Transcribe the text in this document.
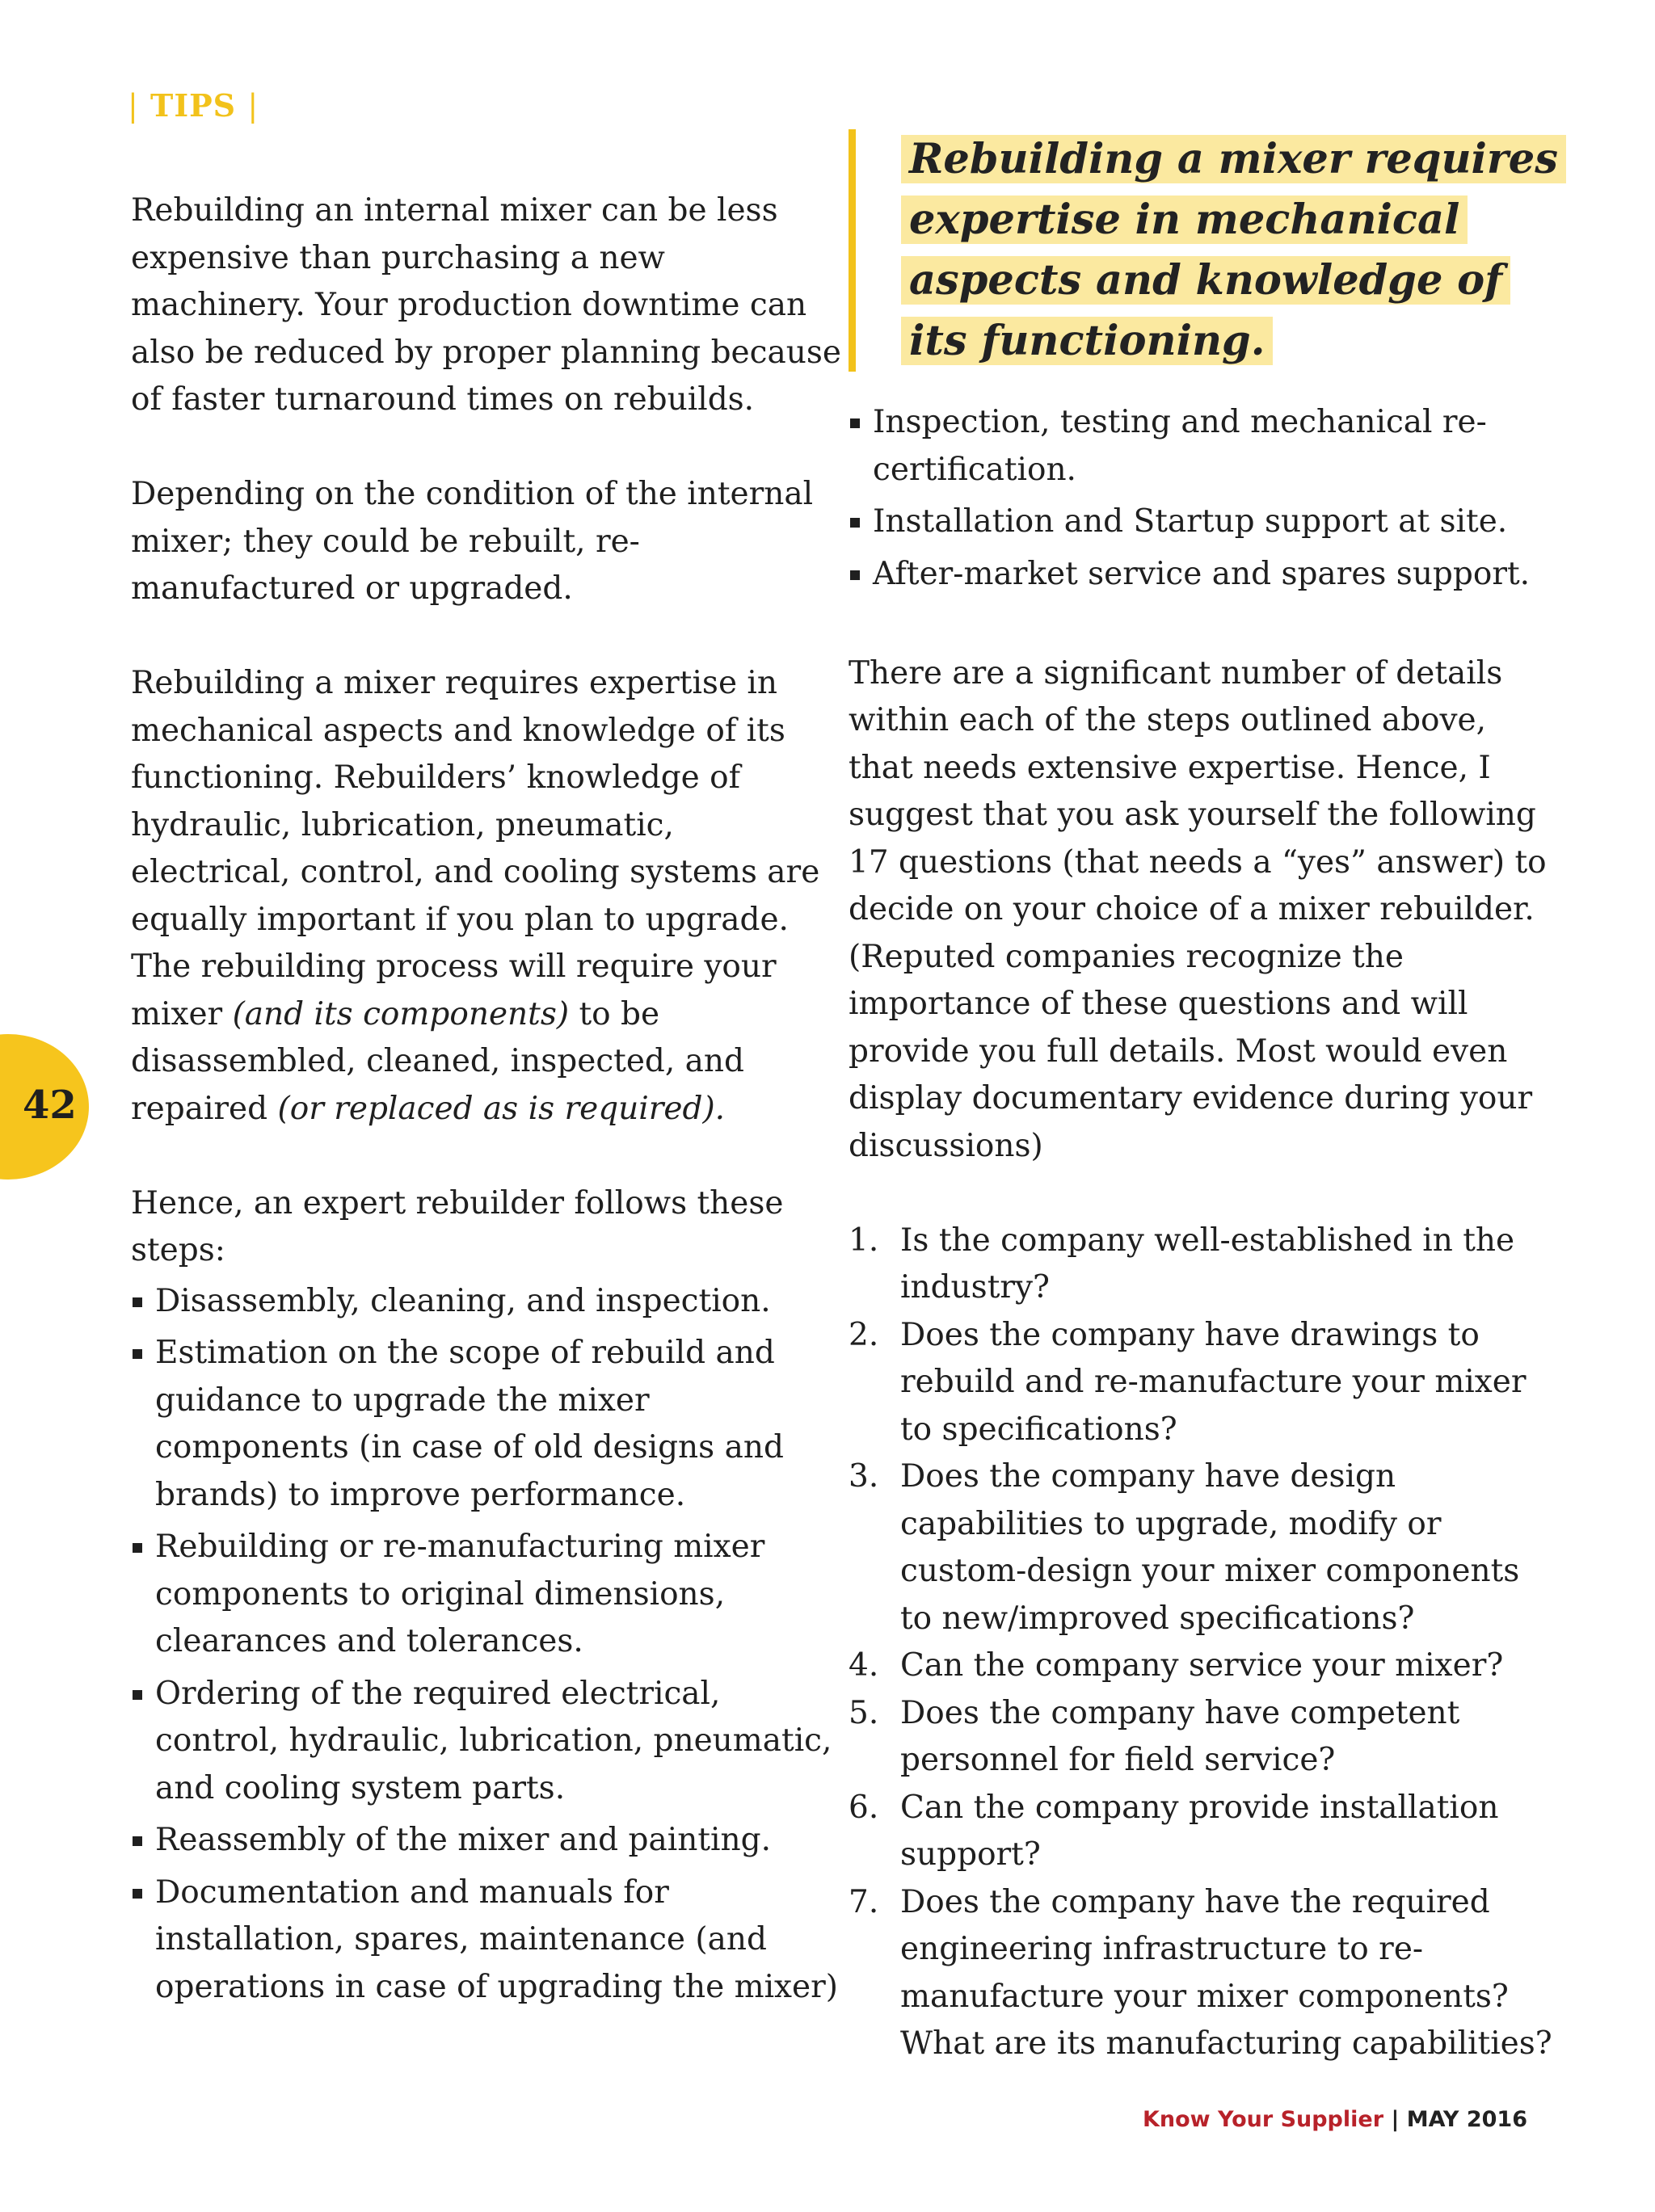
| TIPS |

Rebuilding an internal mixer can be less expensive than purchasing a new machinery. Your production downtime can also be reduced by proper planning because of faster turnaround times on rebuilds.

Depending on the condition of the internal mixer; they could be rebuilt, re-manufactured or upgraded.

Rebuilding a mixer requires expertise in mechanical aspects and knowledge of its functioning. Rebuilders’ knowledge of hydraulic, lubrication, pneumatic, electrical, control, and cooling systems are equally important if you plan to upgrade. The rebuilding process will require your mixer (and its components) to be disassembled, cleaned, inspected, and repaired (or replaced as is required).

Hence, an expert rebuilder follows these steps:

Disassembly, cleaning, and inspection.
Estimation on the scope of rebuild and guidance to upgrade the mixer components (in case of old designs and brands) to improve performance.
Rebuilding or re-manufacturing mixer components to original dimensions, clearances and tolerances.
Ordering of the required electrical, control, hydraulic, lubrication, pneumatic, and cooling system parts.
Reassembly of the mixer and painting.
Documentation and manuals for installation, spares, maintenance (and operations in case of upgrading the mixer)

Rebuilding a mixer requires expertise in mechanical aspects and knowledge of its functioning.

Inspection, testing and mechanical re-certification.
Installation and Startup support at site.
After-market service and spares support.

There are a significant number of details within each of the steps outlined above, that needs extensive expertise. Hence, I suggest that you ask yourself the following 17 questions (that needs a “yes” answer) to decide on your choice of a mixer rebuilder. (Reputed companies recognize the importance of these questions and will provide you full details. Most would even display documentary evidence during your discussions)

1. Is the company well-established in the industry?
2. Does the company have drawings to rebuild and re-manufacture your mixer to specifications?
3. Does the company have design capabilities to upgrade, modify or custom-design your mixer components to new/improved specifications?
4. Can the company service your mixer?
5. Does the company have competent personnel for field service?
6. Can the company provide installation support?
7. Does the company have the required engineering infrastructure to re-manufacture your mixer components? What are its manufacturing capabilities?
42
Know Your Supplier | MAY 2016
